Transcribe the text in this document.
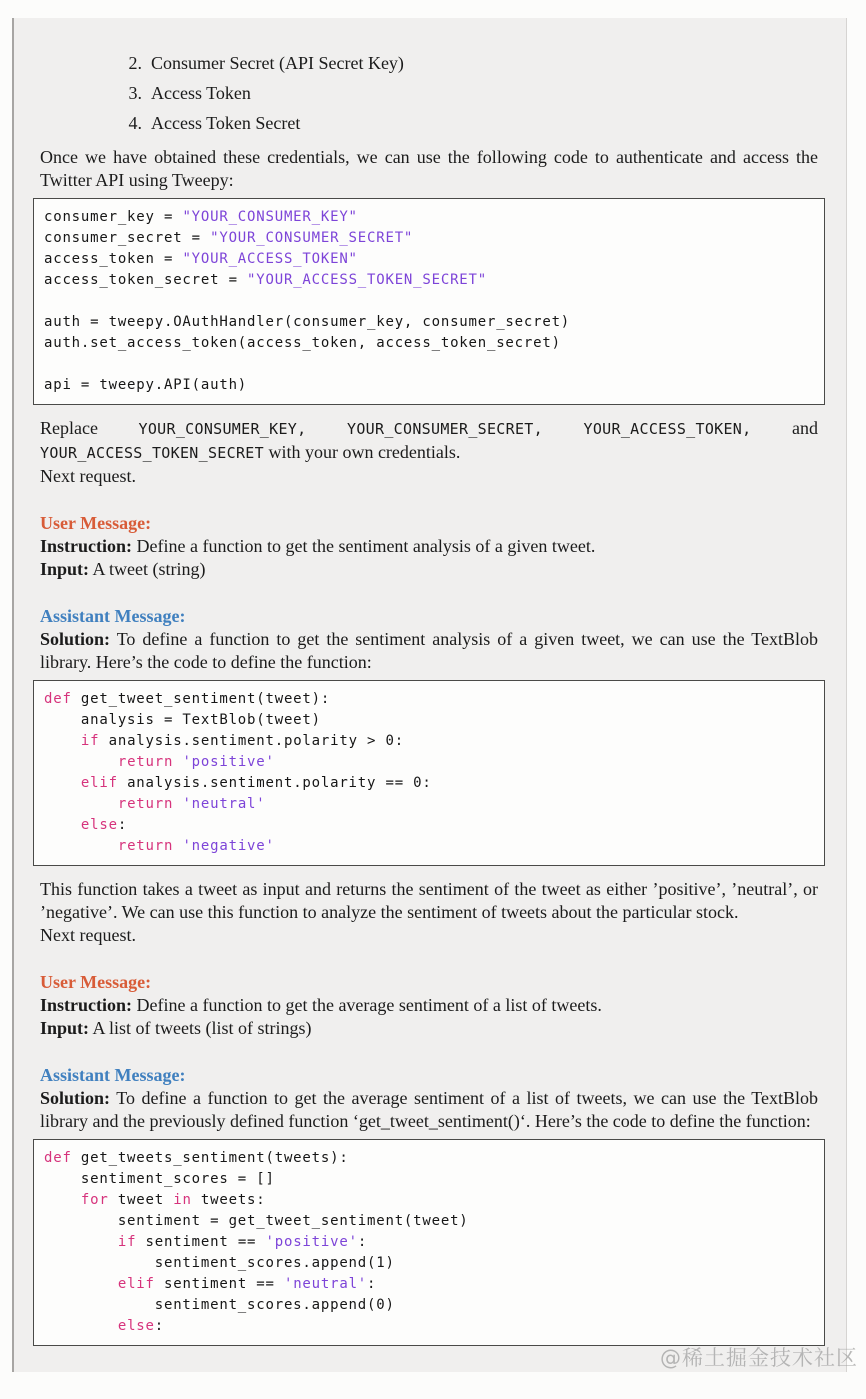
2. Consumer Secret (API Secret Key)
3. Access Token
4. Access Token Secret
Once we have obtained these credentials, we can use the following code to authenticate and access the Twitter API using Tweepy:
consumer_key = "YOUR_CONSUMER_KEY"
consumer_secret = "YOUR_CONSUMER_SECRET"
access_token = "YOUR_ACCESS_TOKEN"
access_token_secret = "YOUR_ACCESS_TOKEN_SECRET"
auth = tweepy.OAuthHandler(consumer_key, consumer_secret)
auth.set_access_token(access_token, access_token_secret)
api = tweepy.API(auth)
Replace YOUR_CONSUMER_KEY,	YOUR_CONSUMER_SECRET,	YOUR_ACCESS_TOKEN, and YOUR_ACCESS_TOKEN_SECRET with your own credentials.
Next request.
User Message:
Instruction: Define a function to get the sentiment analysis of a given tweet.
Input: A tweet (string)
Assistant Message:
Solution: To define a function to get the sentiment analysis of a given tweet, we can use the TextBlob library. Here’s the code to define the function:
def get_tweet_sentiment(tweet):
analysis = TextBlob(tweet)
if analysis.sentiment.polarity > 0:
return 'positive'
elif analysis.sentiment.polarity == 0:
return 'neutral'
else:
return 'negative'
This function takes a tweet as input and returns the sentiment of the tweet as either ’positive’, ’neutral’, or ’negative’. We can use this function to analyze the sentiment of tweets about the particular stock.
Next request.
User Message:
Instruction: Define a function to get the average sentiment of a list of tweets.
Input: A list of tweets (list of strings)
Assistant Message:
Solution: To define a function to get the average sentiment of a list of tweets, we can use the TextBlob library and the previously defined function ‘get_tweet_sentiment()‘. Here’s the code to define the function:
def get_tweets_sentiment(tweets):
sentiment_scores = []
for tweet in tweets:
sentiment = get_tweet_sentiment(tweet)
if sentiment == 'positive':
sentiment_scores.append(1)
elif sentiment == 'neutral':
sentiment_scores.append(0)
else:
@稀土掘金技术社区
